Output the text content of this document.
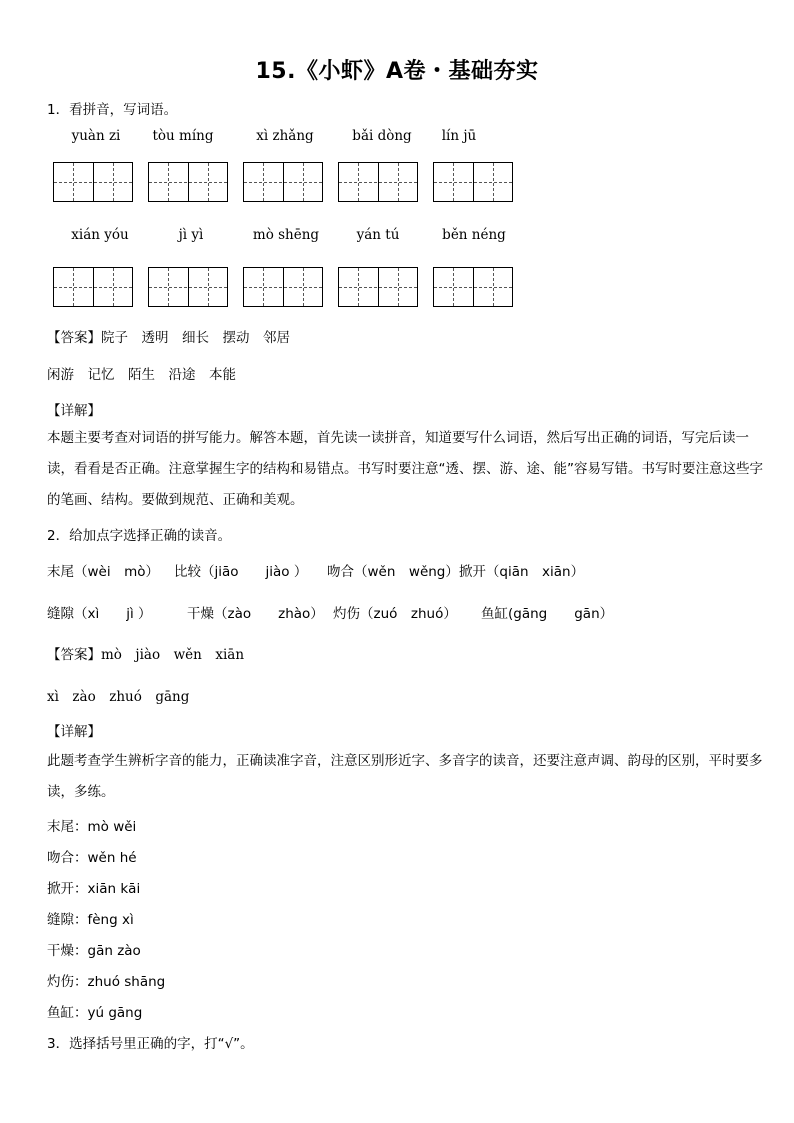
15.《小虾》A卷・基础夯实
1．看拼音，写词语。
yuàn zi	tòu míng	xì zhǎng	bǎi dòng	lín jū
xián yóu	jì yì	mò shēng	yán tú	běn néng
【答案】院子　透明　细长　摆动　邻居
闲游　记忆　陌生　沿途　本能
【详解】
本题主要考查对词语的拼写能力。解答本题，首先读一读拼音，知道要写什么词语，然后写出正确的词语，写完后读一读，看看是否正确。注意掌握生字的结构和易错点。书写时要注意“透、摆、游、途、能”容易写错。书写时要注意这些字的笔画、结构。要做到规范、正确和美观。
2．给加点字选择正确的读音。
末尾（wèi　mò） 比较（jiāo　　jiào ） 吻合（wěn　wěng）掀开（qiān　xiān）
缝隙（xì　　jì ）	干燥（zào　　zhào） 灼伤（zuó　zhuó） 鱼缸(gāng　　gān）
【答案】mò　jiào　wěn　xiān
xì　zào　zhuó　gāng
【详解】
此题考查学生辨析字音的能力，正确读准字音，注意区别形近字、多音字的读音，还要注意声调、韵母的区别，平时要多读，多练。
末尾：mò wěi
吻合：wěn hé
掀开：xiān kāi
缝隙：fèng xì
干燥：gān zào
灼伤：zhuó shāng
鱼缸：yú gāng
3．选择括号里正确的字，打“√”。
